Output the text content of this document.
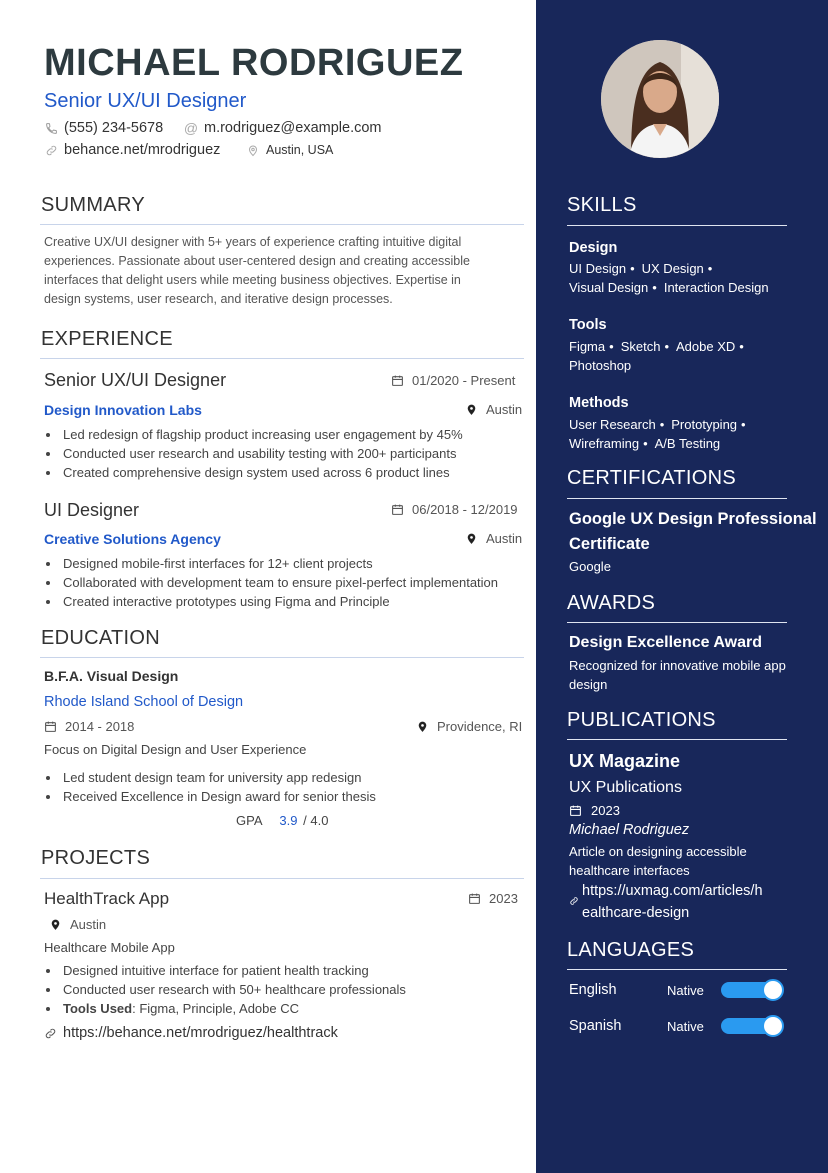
MICHAEL RODRIGUEZ
Senior UX/UI Designer
(555) 234-5678 @ m.rodriguez@example.com
behance.net/mrodriguez	Austin, USA
SUMMARY
Creative UX/UI designer with 5+ years of experience crafting intuitive digital
experiences. Passionate about user-centered design and creating accessible
interfaces that delight users while meeting business objectives. Expertise in
design systems, user research, and iterative design processes.
EXPERIENCE
Senior UX/UI Designer	01/2020 - Present
Design Innovation Labs	Austin
Led redesign of flagship product increasing user engagement by 45%
Conducted user research and usability testing with 200+ participants
Created comprehensive design system used across 6 product lines
UI Designer	06/2018 - 12/2019
Creative Solutions Agency	Austin
Designed mobile-first interfaces for 12+ client projects
Collaborated with development team to ensure pixel-perfect implementation
Created interactive prototypes using Figma and Principle
EDUCATION
B.F.A. Visual Design
Rhode Island School of Design
2014 - 2018	Providence, RI
Focus on Digital Design and User Experience
Led student design team for university app redesign
Received Excellence in Design award for senior thesis
GPA 3.9 / 4.0
PROJECTS
HealthTrack App	2023
Austin
Healthcare Mobile App
Designed intuitive interface for patient health tracking
Conducted user research with 50+ healthcare professionals
Tools Used: Figma, Principle, Adobe CC
https://behance.net/mrodriguez/healthtrack
SKILLS
Design
UI Design • UX Design •
Visual Design • Interaction Design
Tools
Figma • Sketch • Adobe XD •
Photoshop
Methods
User Research • Prototyping •
Wireframing • A/B Testing
CERTIFICATIONS
Google UX Design Professional
Certificate
Google
AWARDS
Design Excellence Award
Recognized for innovative mobile app
design
PUBLICATIONS
UX Magazine
UX Publications
2023
Michael Rodriguez
Article on designing accessible
healthcare interfaces
https://uxmag.com/articles/h
ealthcare-design
LANGUAGES
English	Native
Spanish	Native
